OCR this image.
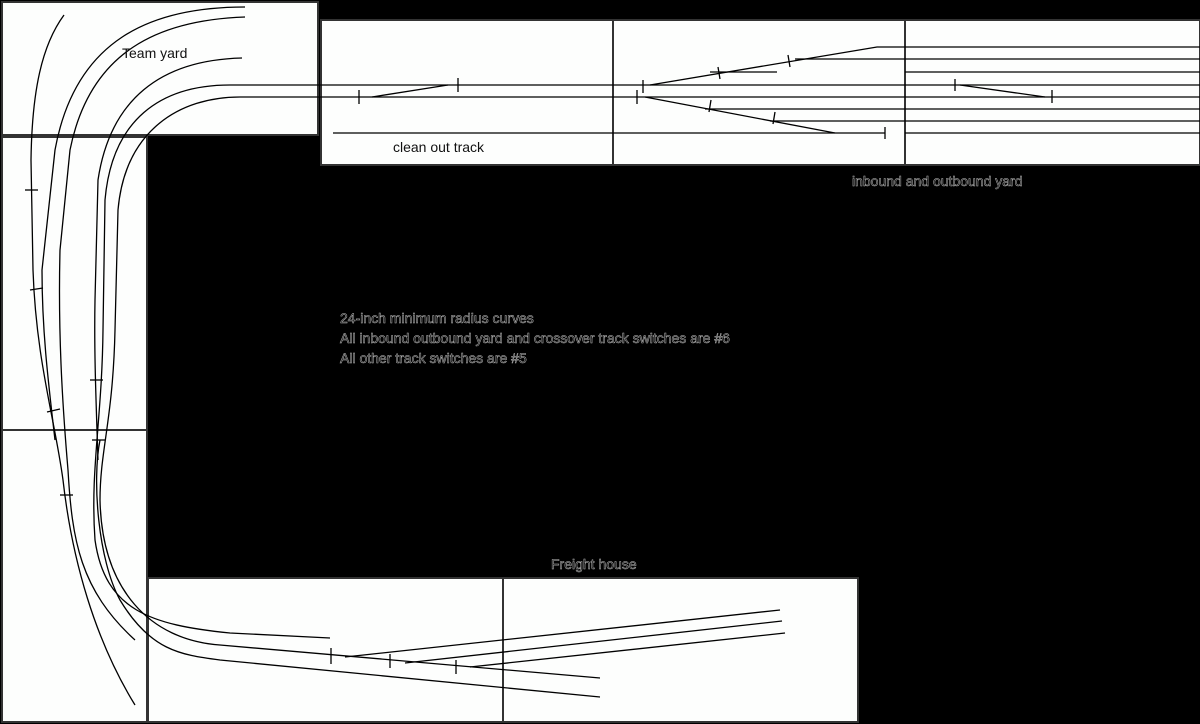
Team yard
clean out track
inbound and outbound yard
Freight house
24-inch minimum radius curves
All inbound outbound yard and crossover track switches are #6
All other track switches are #5
